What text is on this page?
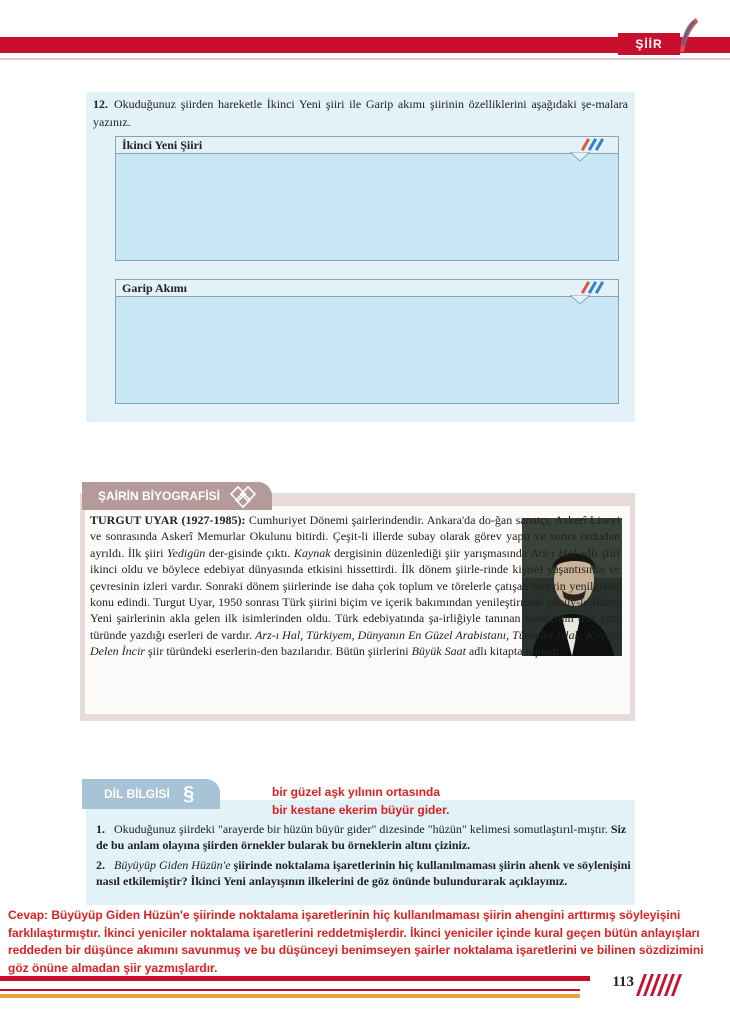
ŞİİR
12. Okuduğunuz şiirden hareketle İkinci Yeni şiiri ile Garip akımı şiirinin özelliklerini aşağıdaki şe-malara yazınız.
İkinci Yeni Şiiri
Garip Akımı
ŞAİRİN BİYOGRAFİSİ
TURGUT UYAR (1927-1985): Cumhuriyet Dönemi şairlerindendir. Ankara'da do-ğan sanatçı, Askerî Liseyi ve sonrasında Askerî Memurlar Okulunu bitirdi. Çeşit-li illerde subay olarak görev yaptı ve sonra ordudan ayrıldı. İlk şiiri Yedigün der-gisinde çıktı. Kaynak dergisinin düzenlediği şiir yarışmasında Arz-ı Hal adlı şiiri ikinci oldu ve böylece edebiyat dünyasında etkisini hissettirdi. İlk dönem şiirle-rinde kişisel yaşantısının ve çevresinin izleri vardır. Sonraki dönem şiirlerinde ise daha çok toplum ve törelerle çatışan bireyin yenilgisini konu edindi. Turgut Uyar, 1950 sonrası Türk şiirini biçim ve içerik bakımından yenileştirmesi yönüy-le İkinci Yeni şairlerinin akla gelen ilk isimlerinden oldu. Türk edebiyatında şa-irliğiyle tanınan sanatçının düz yazı türünde yazdığı eserleri de vardır. Arz-ı Hal, Türkiyem, Dünyanın En Güzel Arabistanı, Tütünler Islak, Kayayı Delen İncir şiir türündeki eserlerin-den bazılarıdır. Bütün şiirlerini Büyük Saat adlı kitapta topladı.
DİL BİLGİSİ §	bir güzel aşk yılının ortasında
bir kestane ekerim büyür gider.
1. Okuduğunuz şiirdeki "arayerde bir hüzün büyür gider" dizesinde "hüzün" kelimesi somutlaştırıl-mıştır. Siz de bu anlam olayına şiirden örnekler bularak bu örneklerin altını çiziniz.
2. Büyüyüp Giden Hüzün'e şiirinde noktalama işaretlerinin hiç kullanılmaması şiirin ahenk ve söylenişini nasıl etkilemiştir? İkinci Yeni anlayışının ilkelerini de göz önünde bulundurarak açıklayınız.
Cevap: Büyüyüp Giden Hüzün'e şiirinde noktalama işaretlerinin hiç kullanılmaması şiirin ahengini arttırmış söyleyişini farklılaştırmıştır. İkinci yeniciler noktalama işaretlerini reddetmişlerdir. İkinci yeniciler içinde kural geçen bütün anlayışları reddeden bir düşünce akımını savunmuş ve bu düşünceyi benimseyen şairler noktalama işaretlerini ve bilinen sözdizimini göz önüne almadan şiir yazmışlardır.
113
